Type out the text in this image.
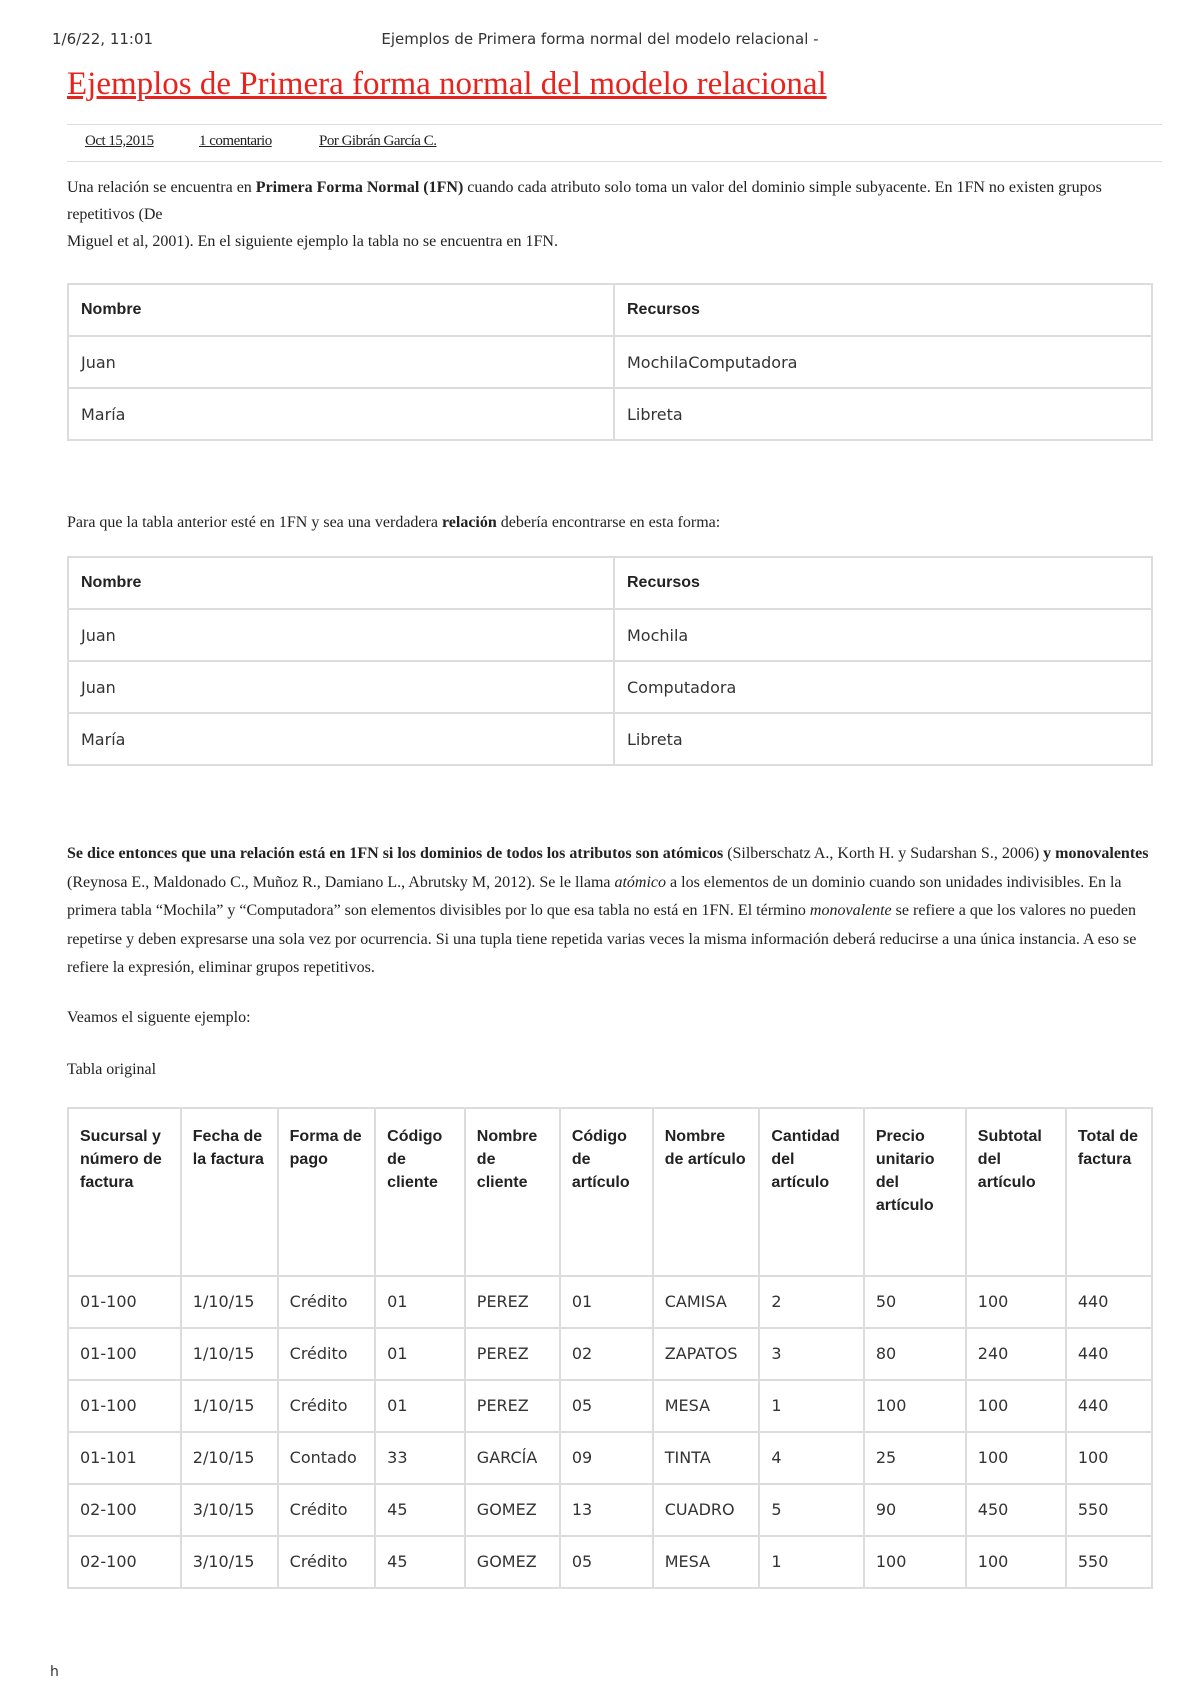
1/6/22, 11:01	Ejemplos de Primera forma normal del modelo relacional -
Ejemplos de Primera forma normal del modelo relacional
Oct 15,2015	1 comentario	Por Gibrán García C.

Una relación se encuentra en Primera Forma Normal (1FN) cuando cada atributo solo toma un valor del dominio simple subyacente. En 1FN no existen grupos repetitivos (De
Miguel et al, 2001). En el siguiente ejemplo la tabla no se encuentra en 1FN.

Nombre	Recursos
Juan	MochilaComputadora
María	Libreta

Para que la tabla anterior esté en 1FN y sea una verdadera relación debería encontrarse en esta forma:

Nombre	Recursos
Juan	Mochila
Juan	Computadora
María	Libreta

Se dice entonces que una relación está en 1FN si los dominios de todos los atributos son atómicos (Silberschatz A., Korth H. y Sudarshan S., 2006) y monovalentes (Reynosa E., Maldonado C., Muñoz R., Damiano L., Abrutsky M, 2012). Se le llama atómico a los elementos de un dominio cuando son unidades indivisibles. En la primera tabla “Mochila” y “Computadora” son elementos divisibles por lo que esa tabla no está en 1FN. El término monovalente se refiere a que los valores no pueden repetirse y deben expresarse una sola vez por ocurrencia. Si una tupla tiene repetida varias veces la misma información deberá reducirse a una única instancia. A eso se refiere la expresión, eliminar grupos repetitivos.

Veamos el siguente ejemplo:

Tabla original

Sucursal y número de factura	Fecha de la factura	Forma de pago	Código de cliente	Nombre de cliente	Código de artículo	Nombre de artículo	Cantidad del artículo	Precio unitario del artículo	Subtotal del artículo	Total de factura
01-100	1/10/15	Crédito	01	PEREZ	01	CAMISA	2	50	100	440
01-100	1/10/15	Crédito	01	PEREZ	02	ZAPATOS	3	80	240	440
01-100	1/10/15	Crédito	01	PEREZ	05	MESA	1	100	100	440
01-101	2/10/15	Contado	33	GARCÍA	09	TINTA	4	25	100	100
02-100	3/10/15	Crédito	45	GOMEZ	13	CUADRO	5	90	450	550
02-100	3/10/15	Crédito	45	GOMEZ	05	MESA	1	100	100	550
h
